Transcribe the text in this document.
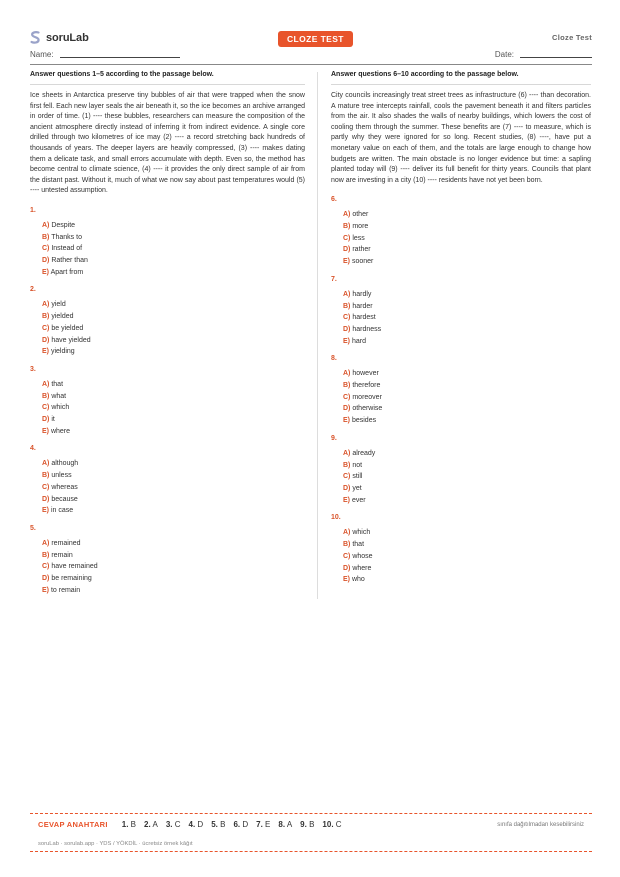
soruLab	CLOZE TEST	Cloze Test
Name:	Date:
Answer questions 1–5 according to the passage below.
Ice sheets in Antarctica preserve tiny bubbles of air that were trapped when the snow first fell. Each new layer seals the air beneath it, so the ice becomes an archive arranged in order of time. (1) ---- these bubbles, researchers can measure the composition of the ancient atmosphere directly instead of inferring it from indirect evidence. A single core drilled through two kilometres of ice may (2) ---- a record stretching back hundreds of thousands of years. The deeper layers are heavily compressed, (3) ---- makes dating them a delicate task, and small errors accumulate with depth. Even so, the method has become central to climate science, (4) ---- it provides the only direct sample of air from the distant past. Without it, much of what we now say about past temperatures would (5) ---- untested assumption.
1.
A) Despite
B) Thanks to
C) Instead of
D) Rather than
E) Apart from
2.
A) yield
B) yielded
C) be yielded
D) have yielded
E) yielding
3.
A) that
B) what
C) which
D) it
E) where
4.
A) although
B) unless
C) whereas
D) because
E) in case
5.
A) remained
B) remain
C) have remained
D) be remaining
E) to remain
Answer questions 6–10 according to the passage below.
City councils increasingly treat street trees as infrastructure (6) ---- than decoration. A mature tree intercepts rainfall, cools the pavement beneath it and filters particles from the air. It also shades the walls of nearby buildings, which lowers the cost of cooling them through the summer. These benefits are (7) ---- to measure, which is partly why they were ignored for so long. Recent studies, (8) ----, have put a monetary value on each of them, and the totals are large enough to change how budgets are written. The main obstacle is no longer evidence but time: a sapling planted today will (9) ---- deliver its full benefit for thirty years. Councils that plant now are investing in a city (10) ---- residents have not yet been born.
6.
A) other
B) more
C) less
D) rather
E) sooner
7.
A) hardly
B) harder
C) hardest
D) hardness
E) hard
8.
A) however
B) therefore
C) moreover
D) otherwise
E) besides
9.
A) already
B) not
C) still
D) yet
E) ever
10.
A) which
B) that
C) whose
D) where
E) who
CEVAP ANAHTARI 1. B 2. A 3. C 4. D 5. B 6. D 7. E 8. A 9. B 10. C	sınıfa dağıtılmadan kesebilirsiniz
soruLab · sorulab.app · YDS / YÖKDİL · ücretsiz örnek kâğıt
